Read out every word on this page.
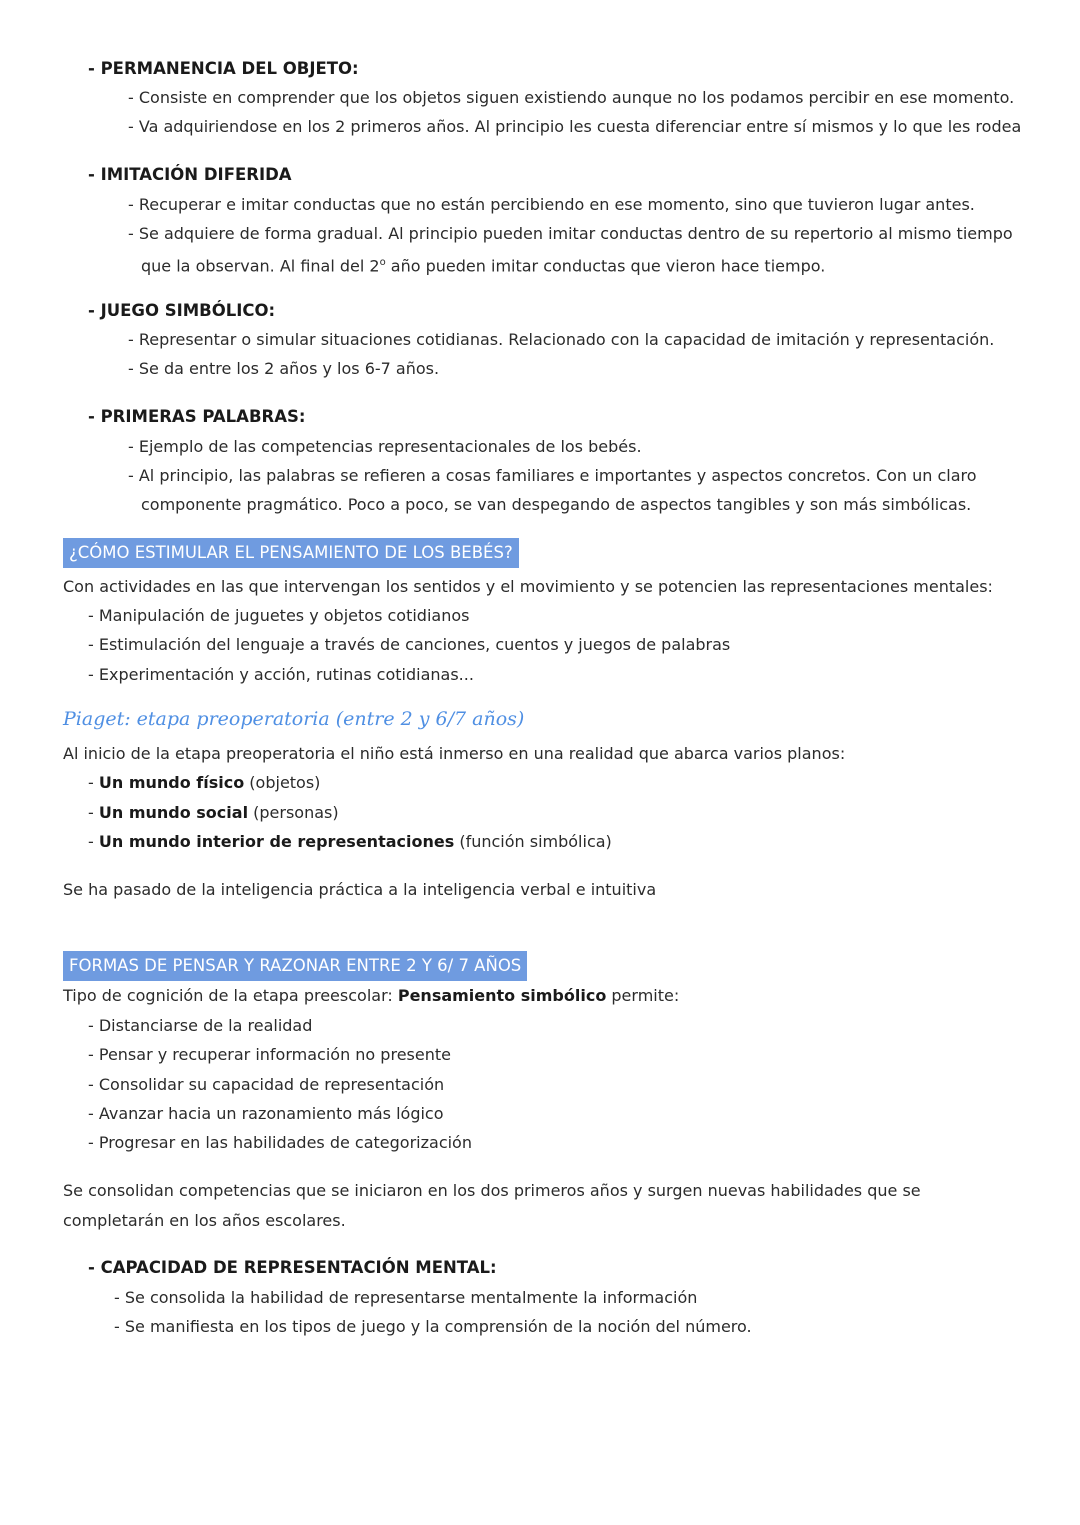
- PERMANENCIA DEL OBJETO:
- Consiste en comprender que los objetos siguen existiendo aunque no los podamos percibir en ese momento.
- Va adquiriendose en los 2 primeros años. Al principio les cuesta diferenciar entre sí mismos y lo que les rodea
- IMITACIÓN DIFERIDA
- Recuperar e imitar conductas que no están percibiendo en ese momento, sino que tuvieron lugar antes.
- Se adquiere de forma gradual. Al principio pueden imitar conductas dentro de su repertorio al mismo tiempo
que la observan. Al final del 2$^o$ año pueden imitar conductas que vieron hace tiempo.
- JUEGO SIMBÓLICO:
- Representar o simular situaciones cotidianas. Relacionado con la capacidad de imitación y representación.
- Se da entre los 2 años y los 6-7 años.
- PRIMERAS PALABRAS:
- Ejemplo de las competencias representacionales de los bebés.
- Al principio, las palabras se refieren a cosas familiares e importantes y aspectos concretos. Con un claro
componente pragmático. Poco a poco, se van despegando de aspectos tangibles y son más simbólicas.
¿CÓMO ESTIMULAR EL PENSAMIENTO DE LOS BEBÉS?
Con actividades en las que intervengan los sentidos y el movimiento y se potencien las representaciones mentales:
- Manipulación de juguetes y objetos cotidianos
- Estimulación del lenguaje a través de canciones, cuentos y juegos de palabras
- Experimentación y acción, rutinas cotidianas...
Piaget: etapa preoperatoria (entre 2 y 6/7 años)
Al inicio de la etapa preoperatoria el niño está inmerso en una realidad que abarca varios planos:
- Un mundo físico (objetos)
- Un mundo social (personas)
- Un mundo interior de representaciones (función simbólica)
Se ha pasado de la inteligencia práctica a la inteligencia verbal e intuitiva
FORMAS DE PENSAR Y RAZONAR ENTRE 2 Y 6/ 7 AÑOS
Tipo de cognición de la etapa preescolar: Pensamiento simbólico permite:
- Distanciarse de la realidad
- Pensar y recuperar información no presente
- Consolidar su capacidad de representación
- Avanzar hacia un razonamiento más lógico
- Progresar en las habilidades de categorización
Se consolidan competencias que se iniciaron en los dos primeros años y surgen nuevas habilidades que se
completarán en los años escolares.
- CAPACIDAD DE REPRESENTACIÓN MENTAL:
- Se consolida la habilidad de representarse mentalmente la información
- Se manifiesta en los tipos de juego y la comprensión de la noción del número.
